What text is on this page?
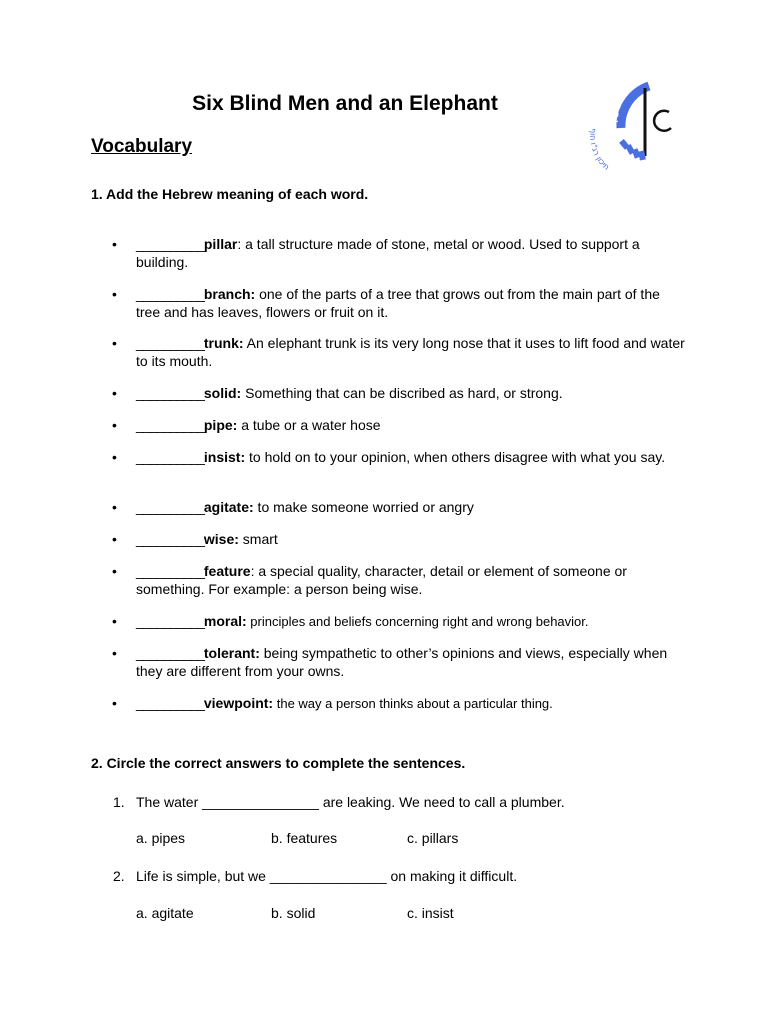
Six Blind Men and an Elephant
תיכון רג"ו חוף
Vocabulary

1. Add the Hebrew meaning of each word.

• __________pillar: a tall structure made of stone, metal or wood. Used to support a building.
• __________branch: one of the parts of a tree that grows out from the main part of the tree and has leaves, flowers or fruit on it.
• __________trunk: An elephant trunk is its very long nose that it uses to lift food and water to its mouth.
• __________solid: Something that can be discribed as hard, or strong.
• __________pipe: a tube or a water hose
• __________insist: to hold on to your opinion, when others disagree with what you say.
• __________agitate: to make someone worried or angry
• __________wise: smart
• __________feature: a special quality, character, detail or element of someone or something. For example: a person being wise.
• __________moral: principles and beliefs concerning right and wrong behavior.
• __________tolerant: being sympathetic to other’s opinions and views, especially when they are different from your owns.
• __________viewpoint: the way a person thinks about a particular thing.

2. Circle the correct answers to complete the sentences.

1. The water _______________ are leaking. We need to call a plumber.
a. pipes	b. features	c. pillars
2. Life is simple, but we _______________ on making it difficult.
a. agitate	b. solid	c. insist
